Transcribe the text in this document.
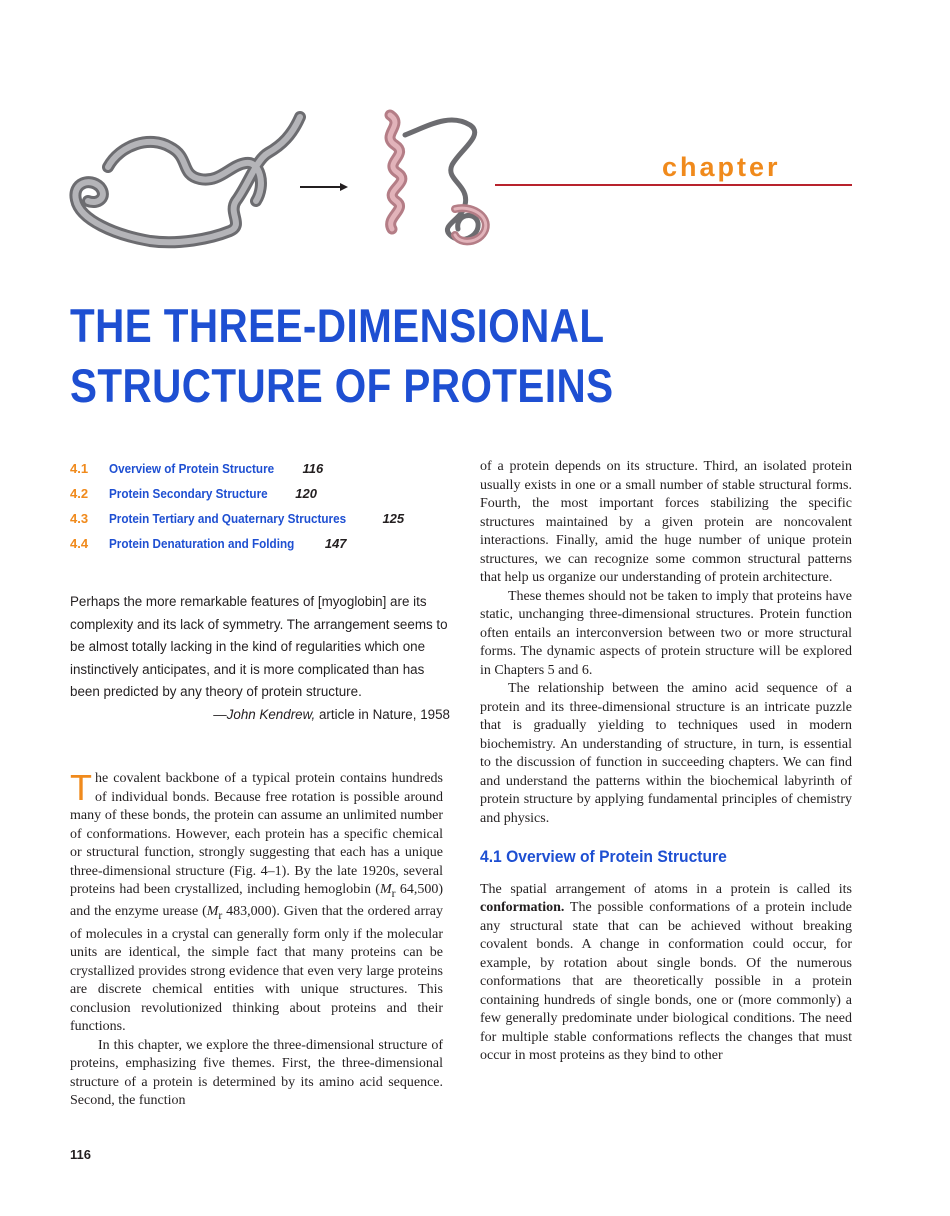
chapter
THE THREE-DIMENSIONAL
STRUCTURE OF PROTEINS
4.1 Overview of Protein Structure 116
4.2 Protein Secondary Structure 120
4.3 Protein Tertiary and Quaternary Structures	125
4.4 Protein Denaturation and Folding 147

Perhaps the more remarkable features of [myoglobin] are its complexity and its lack of symmetry. The arrangement seems to be almost totally lacking in the kind of regularities which one instinctively anticipates, and it is more complicated than has been predicted by any theory of protein structure.

—John Kendrew, article in Nature, 1958

The covalent backbone of a typical protein contains hundreds of individual bonds. Because free rotation is possible around many of these bonds, the protein can assume an unlimited number of conformations. However, each protein has a specific chemical or structural function, strongly suggesting that each has a unique three-dimensional structure (Fig. 4–1). By the late 1920s, several proteins had been crystallized, including hemoglobin ($M_r$ 64,500) and the enzyme urease ($M_r$ 483,000). Given that the ordered array of molecules in a crystal can generally form only if the molecular units are identical, the simple fact that many proteins can be crystallized provides strong evidence that even very large proteins are discrete chemical entities with unique structures. This conclusion revolutionized thinking about proteins and their functions.

In this chapter, we explore the three-dimensional structure of proteins, emphasizing five themes. First, the three-dimensional structure of a protein is determined by its amino acid sequence. Second, the function

of a protein depends on its structure. Third, an isolated protein usually exists in one or a small number of stable structural forms. Fourth, the most important forces stabilizing the specific structures maintained by a given protein are noncovalent interactions. Finally, amid the huge number of unique protein structures, we can recognize some common structural patterns that help us organize our understanding of protein architecture.

These themes should not be taken to imply that proteins have static, unchanging three-dimensional structures. Protein function often entails an interconversion between two or more structural forms. The dynamic aspects of protein structure will be explored in Chapters 5 and 6.

The relationship between the amino acid sequence of a protein and its three-dimensional structure is an intricate puzzle that is gradually yielding to techniques used in modern biochemistry. An understanding of structure, in turn, is essential to the discussion of function in succeeding chapters. We can find and understand the patterns within the biochemical labyrinth of protein structure by applying fundamental principles of chemistry and physics.

4.1 Overview of Protein Structure

The spatial arrangement of atoms in a protein is called its conformation. The possible conformations of a protein include any structural state that can be achieved without breaking covalent bonds. A change in conformation could occur, for example, by rotation about single bonds. Of the numerous conformations that are theoretically possible in a protein containing hundreds of single bonds, one or (more commonly) a few generally predominate under biological conditions. The need for multiple stable conformations reflects the changes that must occur in most proteins as they bind to other

116
